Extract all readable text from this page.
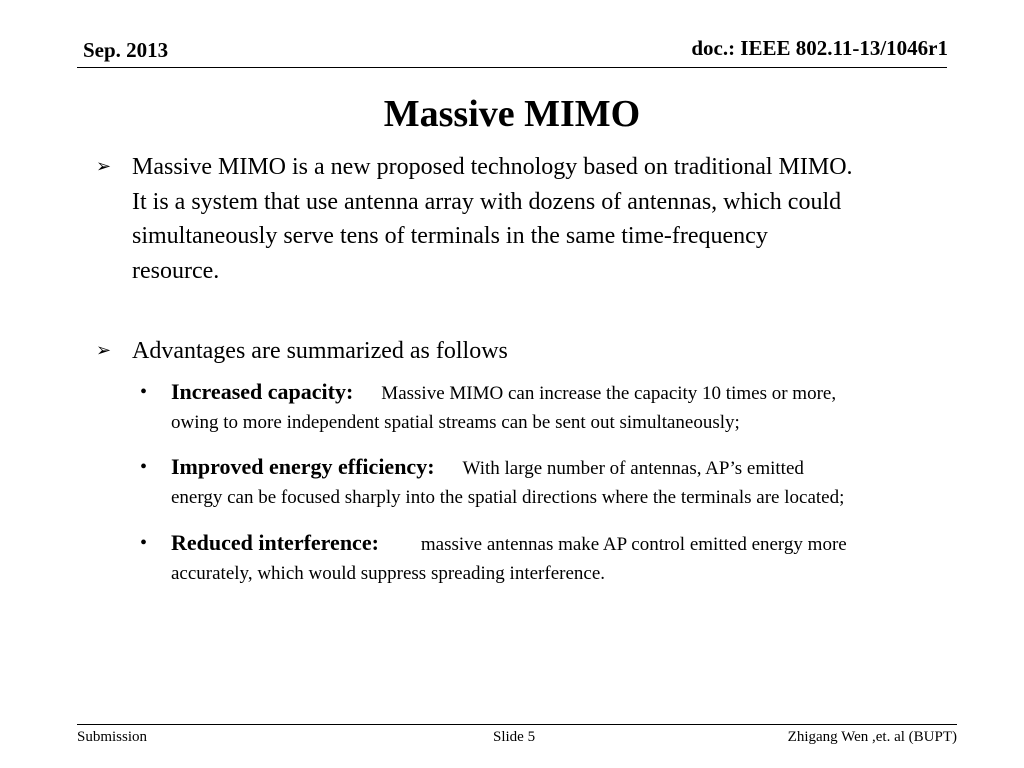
Sep. 2013	doc.: IEEE 802.11-13/1046r1
Massive MIMO
➢ Massive MIMO is a new proposed technology based on traditional MIMO.
It is a system that use antenna array with dozens of antennas, which could
simultaneously serve tens of terminals in the same time-frequency
resource.
➢ Advantages are summarized as follows
• Increased capacity: Massive MIMO can increase the capacity 10 times or more,
owing to more independent spatial streams can be sent out simultaneously;
• Improved energy efficiency: With large number of antennas, AP’s emitted
energy can be focused sharply into the spatial directions where the terminals are located;
• Reduced interference: massive antennas make AP control emitted energy more
accurately, which would suppress spreading interference.
Submission	Slide 5	Zhigang Wen ,et. al (BUPT)
